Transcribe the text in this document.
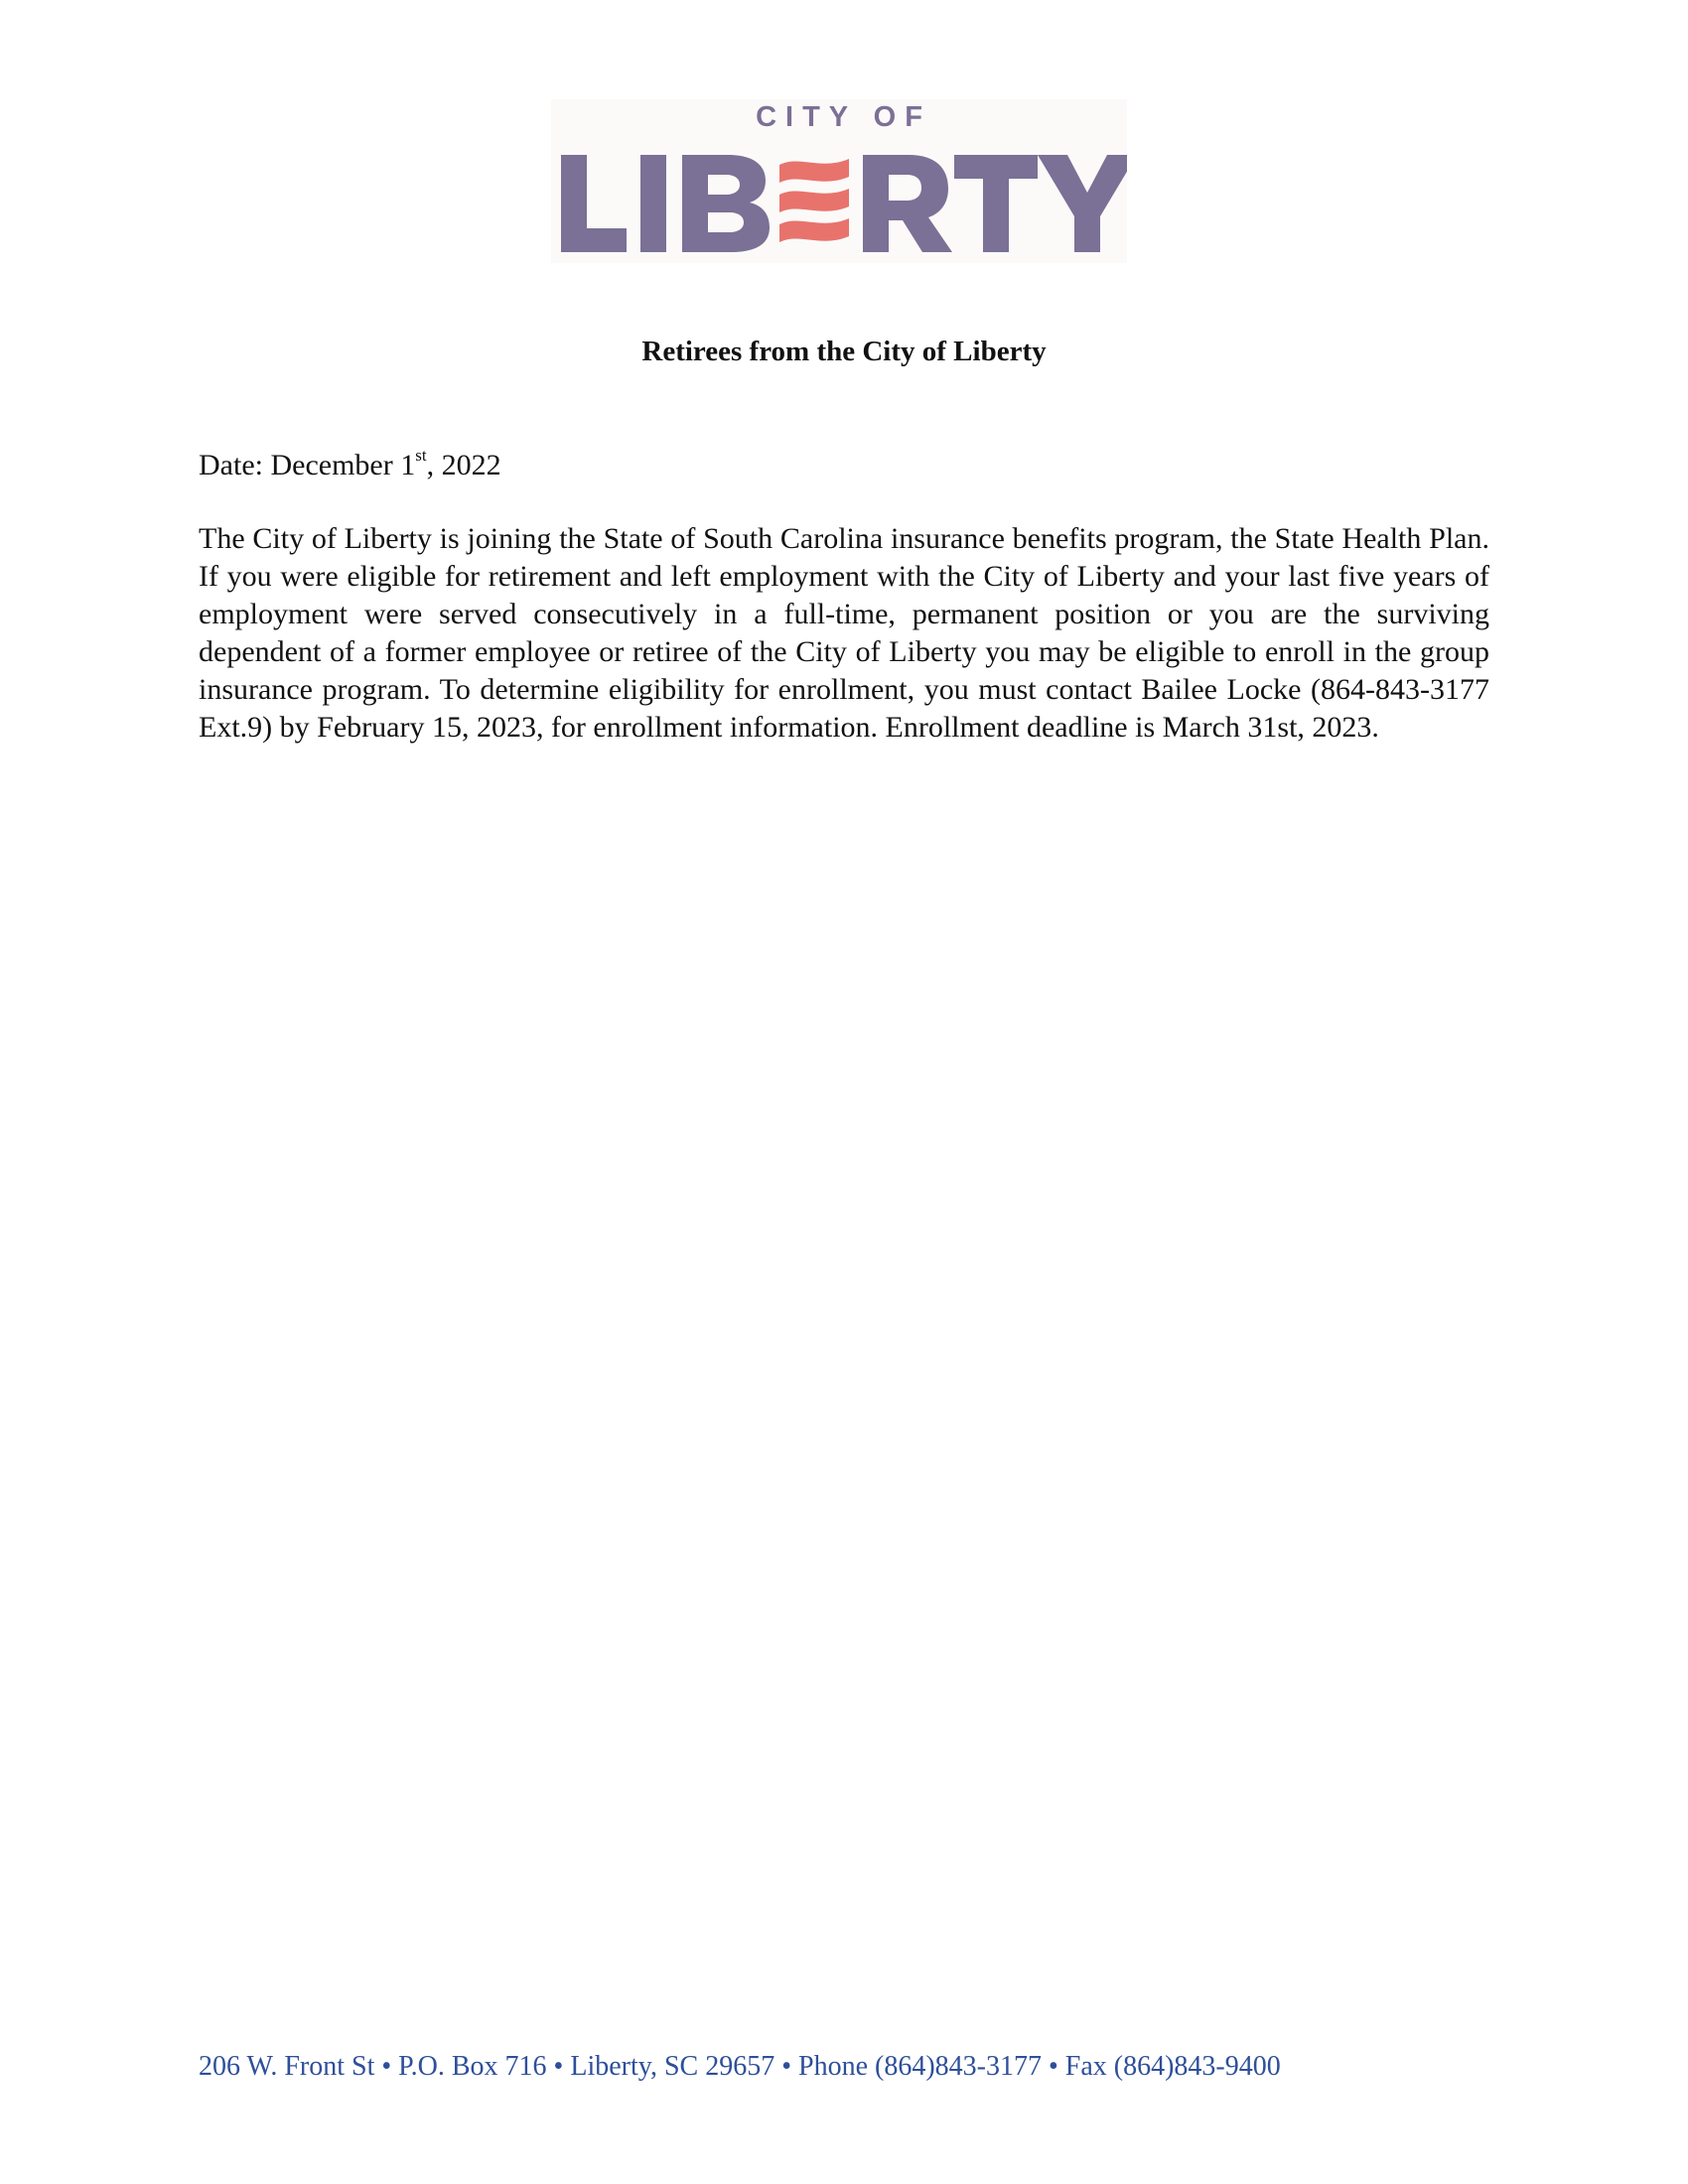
CITY OF
Retirees from the City of Liberty
Date: December 1st, 2022
The City of Liberty is joining the State of South Carolina insurance benefits program, the State Health Plan. If you were eligible for retirement and left employment with the City of Liberty and your last five years of employment were served consecutively in a full-time, permanent position or you are the surviving dependent of a former employee or retiree of the City of Liberty you may be eligible to enroll in the group insurance program. To determine eligibility for enrollment, you must contact Bailee Locke (864-843-3177 Ext.9) by February 15, 2023, for enrollment information. Enrollment deadline is March 31st, 2023.
206 W. Front St • P.O. Box 716 • Liberty, SC 29657 • Phone (864)843-3177 • Fax (864)843-9400
